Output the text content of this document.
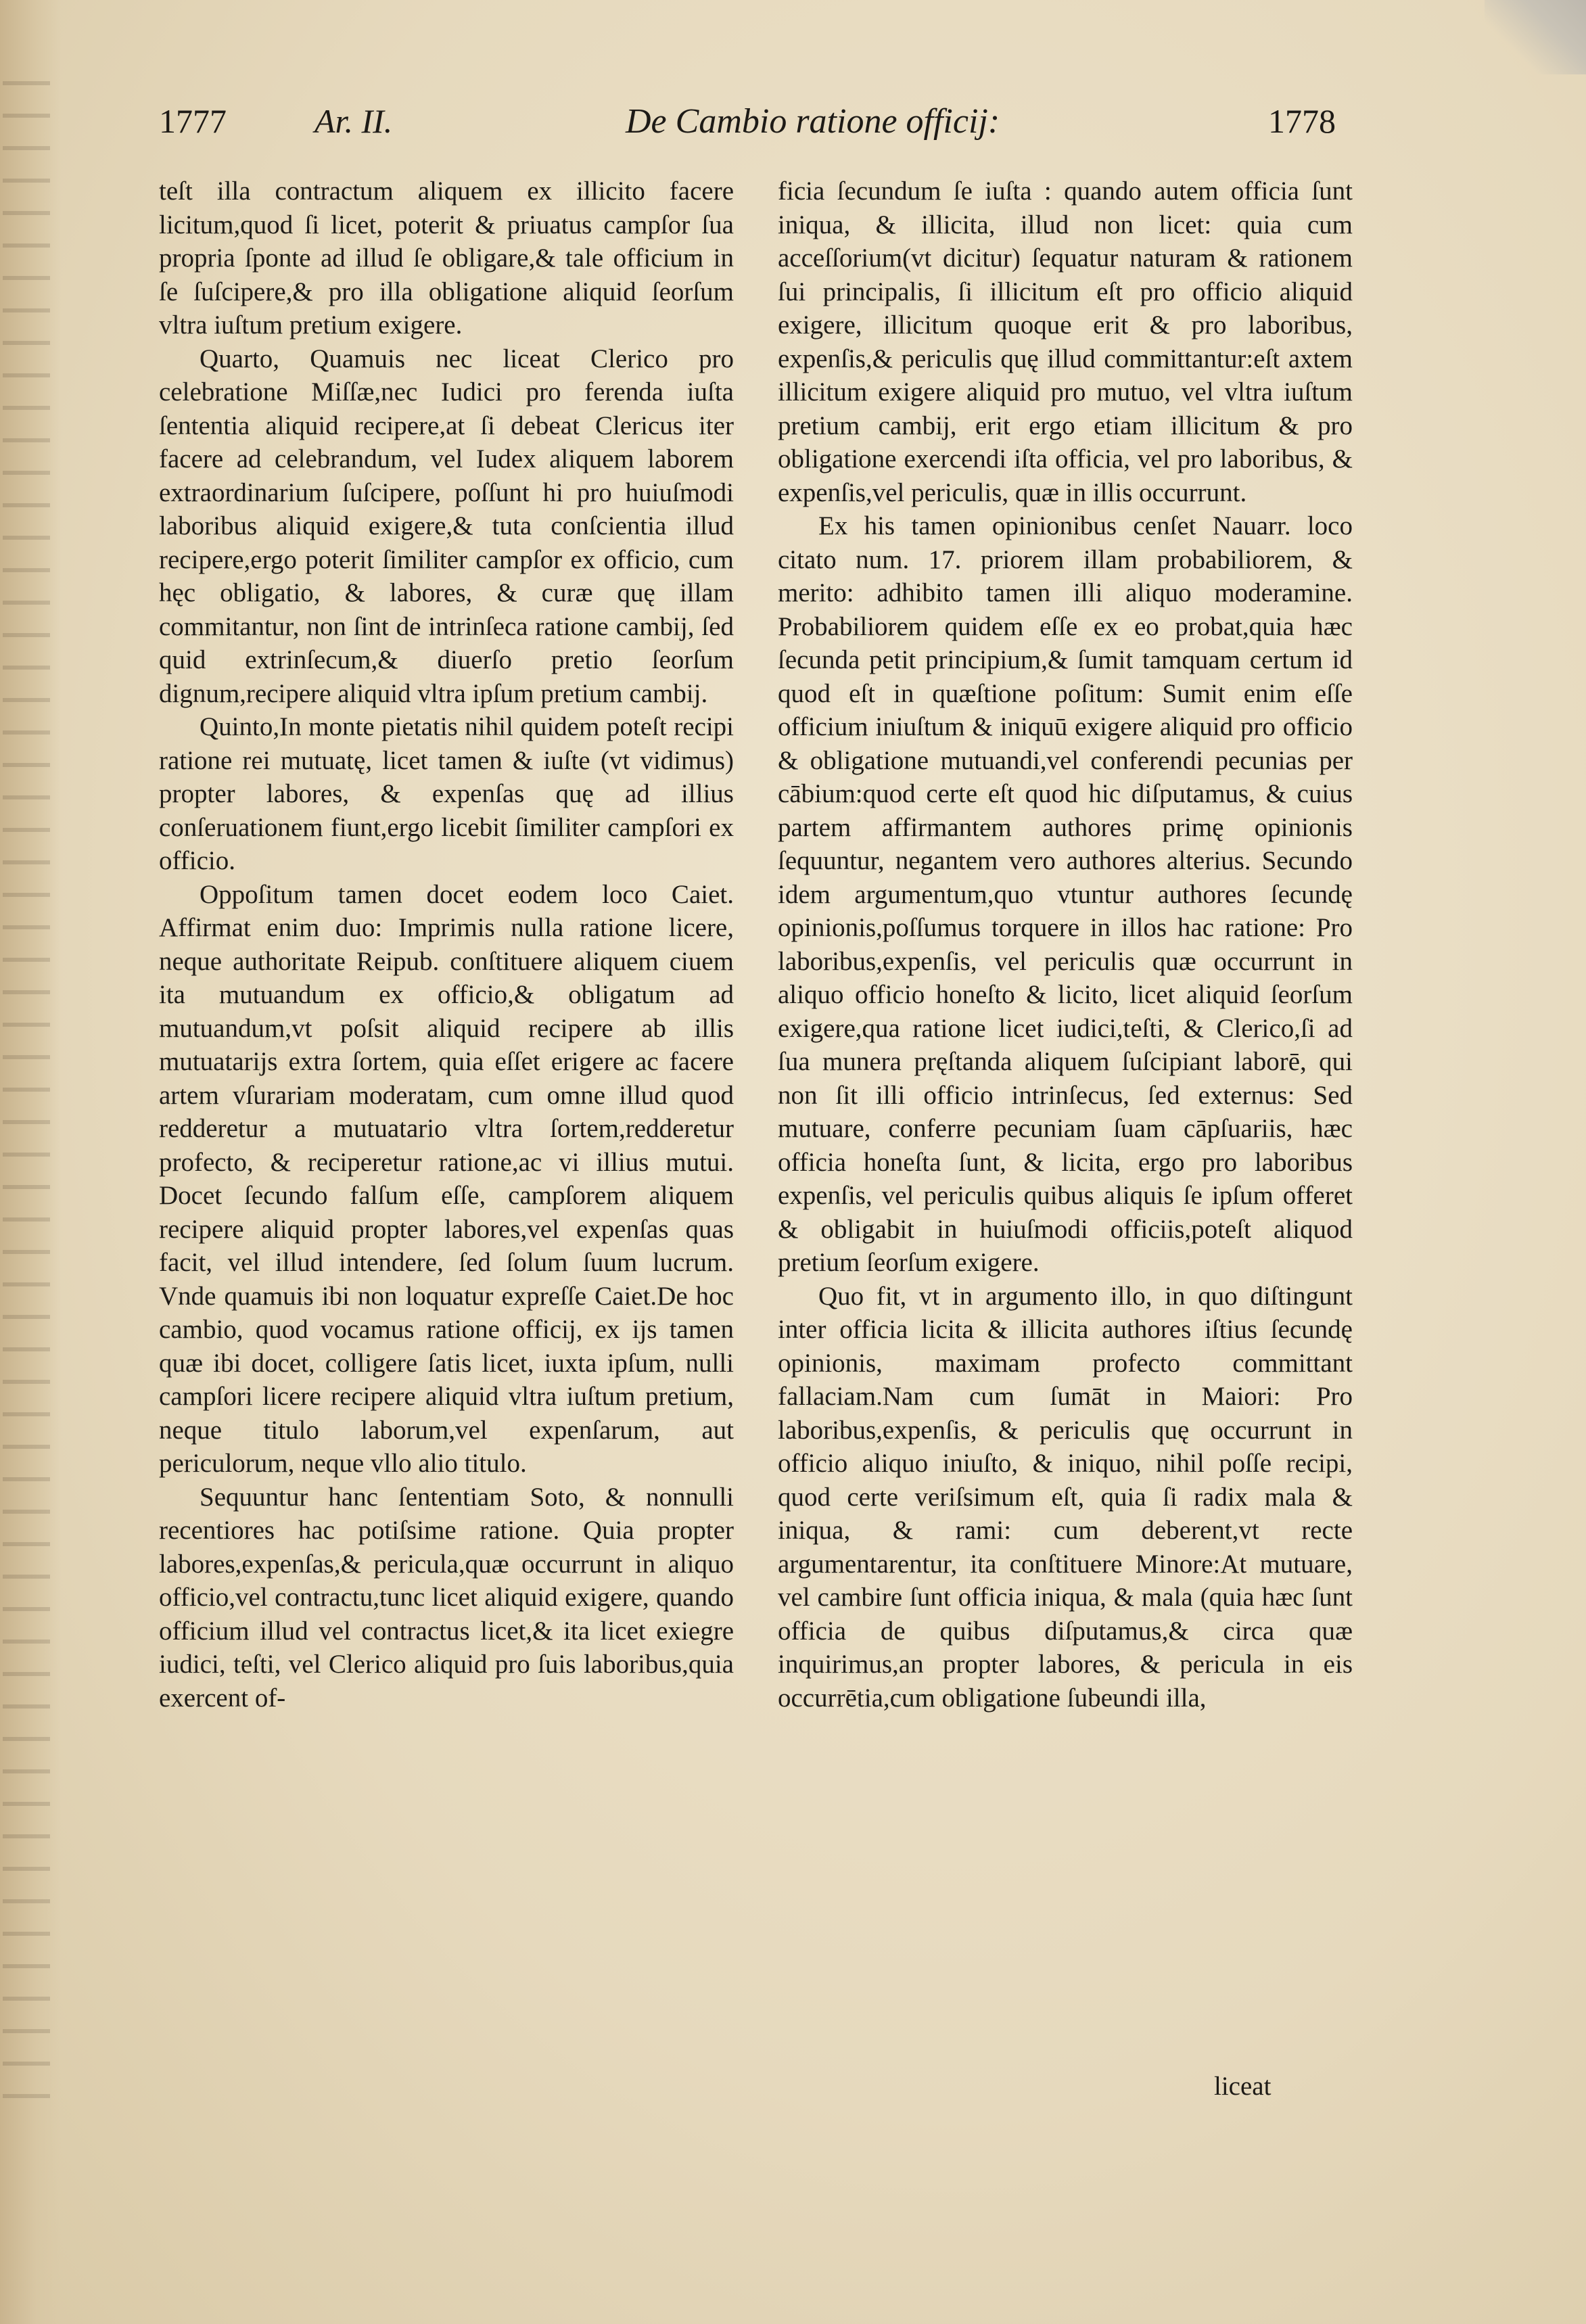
1777	Ar. II.	De Cambio ratione officij:	1778

teſt illa contractum aliquem ex illicito facere licitum,quod ſi licet, poterit & priuatus campſor ſua propria ſponte ad illud ſe obligare,& tale officium in ſe ſuſcipere,& pro illa obligatione aliquid ſeorſum vltra iuſtum pretium exigere.

Quarto, Quamuis nec liceat Clerico pro celebratione Miſſæ,nec Iudici pro ferenda iuſta ſententia aliquid recipere,at ſi debeat Clericus iter facere ad celebrandum, vel Iudex aliquem laborem extraordinarium ſuſcipere, poſſunt hi pro huiuſmodi laboribus aliquid exigere,& tuta conſcientia illud recipere,ergo poterit ſimiliter campſor ex officio, cum hęc obligatio, & labores, & curæ quę illam commitantur, non ſint de intrinſeca ratione cambij, ſed quid extrinſecum,& diuerſo pretio ſeorſum dignum,recipere aliquid vltra ipſum pretium cambij.

Quinto,In monte pietatis nihil quidem poteſt recipi ratione rei mutuatę, licet tamen & iuſte (vt vidimus) propter labores, & expenſas quę ad illius conſeruationem fiunt,ergo licebit ſimiliter campſori ex officio.

Oppoſitum tamen docet eodem loco Caiet. Affirmat enim duo: Imprimis nulla ratione licere, neque authoritate Reipub. conſtituere aliquem ciuem ita mutuandum ex officio,& obligatum ad mutuandum,vt poſsit aliquid recipere ab illis mutuatarijs extra ſortem, quia eſſet erigere ac facere artem vſurariam moderatam, cum omne illud quod redderetur a mutuatario vltra ſortem,redderetur profecto, & reciperetur ratione,ac vi illius mutui. Docet ſecundo falſum eſſe, campſorem aliquem recipere aliquid propter labores,vel expenſas quas facit, vel illud intendere, ſed ſolum ſuum lucrum. Vnde quamuis ibi non loquatur expreſſe Caiet.De hoc cambio, quod vocamus ratione officij, ex ijs tamen quæ ibi docet, colligere ſatis licet, iuxta ipſum, nulli campſori licere recipere aliquid vltra iuſtum pretium, neque titulo laborum,vel expenſarum, aut periculorum, neque vllo alio titulo.

Sequuntur hanc ſententiam Soto, & nonnulli recentiores hac potiſsime ratione. Quia propter labores,expenſas,& pericula,quæ occurrunt in aliquo officio,vel contractu,tunc licet aliquid exigere, quando officium illud vel contractus licet,& ita licet exiegre iudici, teſti, vel Clerico aliquid pro ſuis laboribus,quia exercent of-

ficia ſecundum ſe iuſta : quando autem officia ſunt iniqua, & illicita, illud non licet: quia cum acceſſorium(vt dicitur) ſequatur naturam & rationem ſui principalis, ſi illicitum eſt pro officio aliquid exigere, illicitum quoque erit & pro laboribus, expenſis,& periculis quę illud committantur:eſt axtem illicitum exigere aliquid pro mutuo, vel vltra iuſtum pretium cambij, erit ergo etiam illicitum & pro obligatione exercendi iſta officia, vel pro laboribus, & expenſis,vel periculis, quæ in illis occurrunt.

Ex his tamen opinionibus cenſet Nauarr. loco citato num. 17. priorem illam probabiliorem, & merito: adhibito tamen illi aliquo moderamine. Probabiliorem quidem eſſe ex eo probat,quia hæc ſecunda petit principium,& ſumit tamquam certum id quod eſt in quæſtione poſitum: Sumit enim eſſe officium iniuſtum & iniquū exigere aliquid pro officio & obligatione mutuandi,vel conferendi pecunias per cābium:quod certe eſt quod hic diſputamus, & cuius partem affirmantem authores primę opinionis ſequuntur, negantem vero authores alterius. Secundo idem argumentum,quo vtuntur authores ſecundę opinionis,poſſumus torquere in illos hac ratione: Pro laboribus,expenſis, vel periculis quæ occurrunt in aliquo officio honeſto & licito, licet aliquid ſeorſum exigere,qua ratione licet iudici,teſti, & Clerico,ſi ad ſua munera pręſtanda aliquem ſuſcipiant laborē, qui non ſit illi officio intrinſecus, ſed externus: Sed mutuare, conferre pecuniam ſuam cāpſuariis, hæc officia honeſta ſunt, & licita, ergo pro laboribus expenſis, vel periculis quibus aliquis ſe ipſum offeret & obligabit in huiuſmodi officiis,poteſt aliquod pretium ſeorſum exigere.

Quo fit, vt in argumento illo, in quo diſtingunt inter officia licita & illicita authores iſtius ſecundę opinionis, maximam profecto committant fallaciam.Nam cum ſumāt in Maiori: Pro laboribus,expenſis, & periculis quę occurrunt in officio aliquo iniuſto, & iniquo, nihil poſſe recipi, quod certe veriſsimum eſt, quia ſi radix mala & iniqua, & rami: cum deberent,vt recte argumentarentur, ita conſtituere Minore:At mutuare, vel cambire ſunt officia iniqua, & mala (quia hæc ſunt officia de quibus diſputamus,& circa quæ inquirimus,an propter labores, & pericula in eis occurrētia,cum obligatione ſubeundi illa,

liceat
